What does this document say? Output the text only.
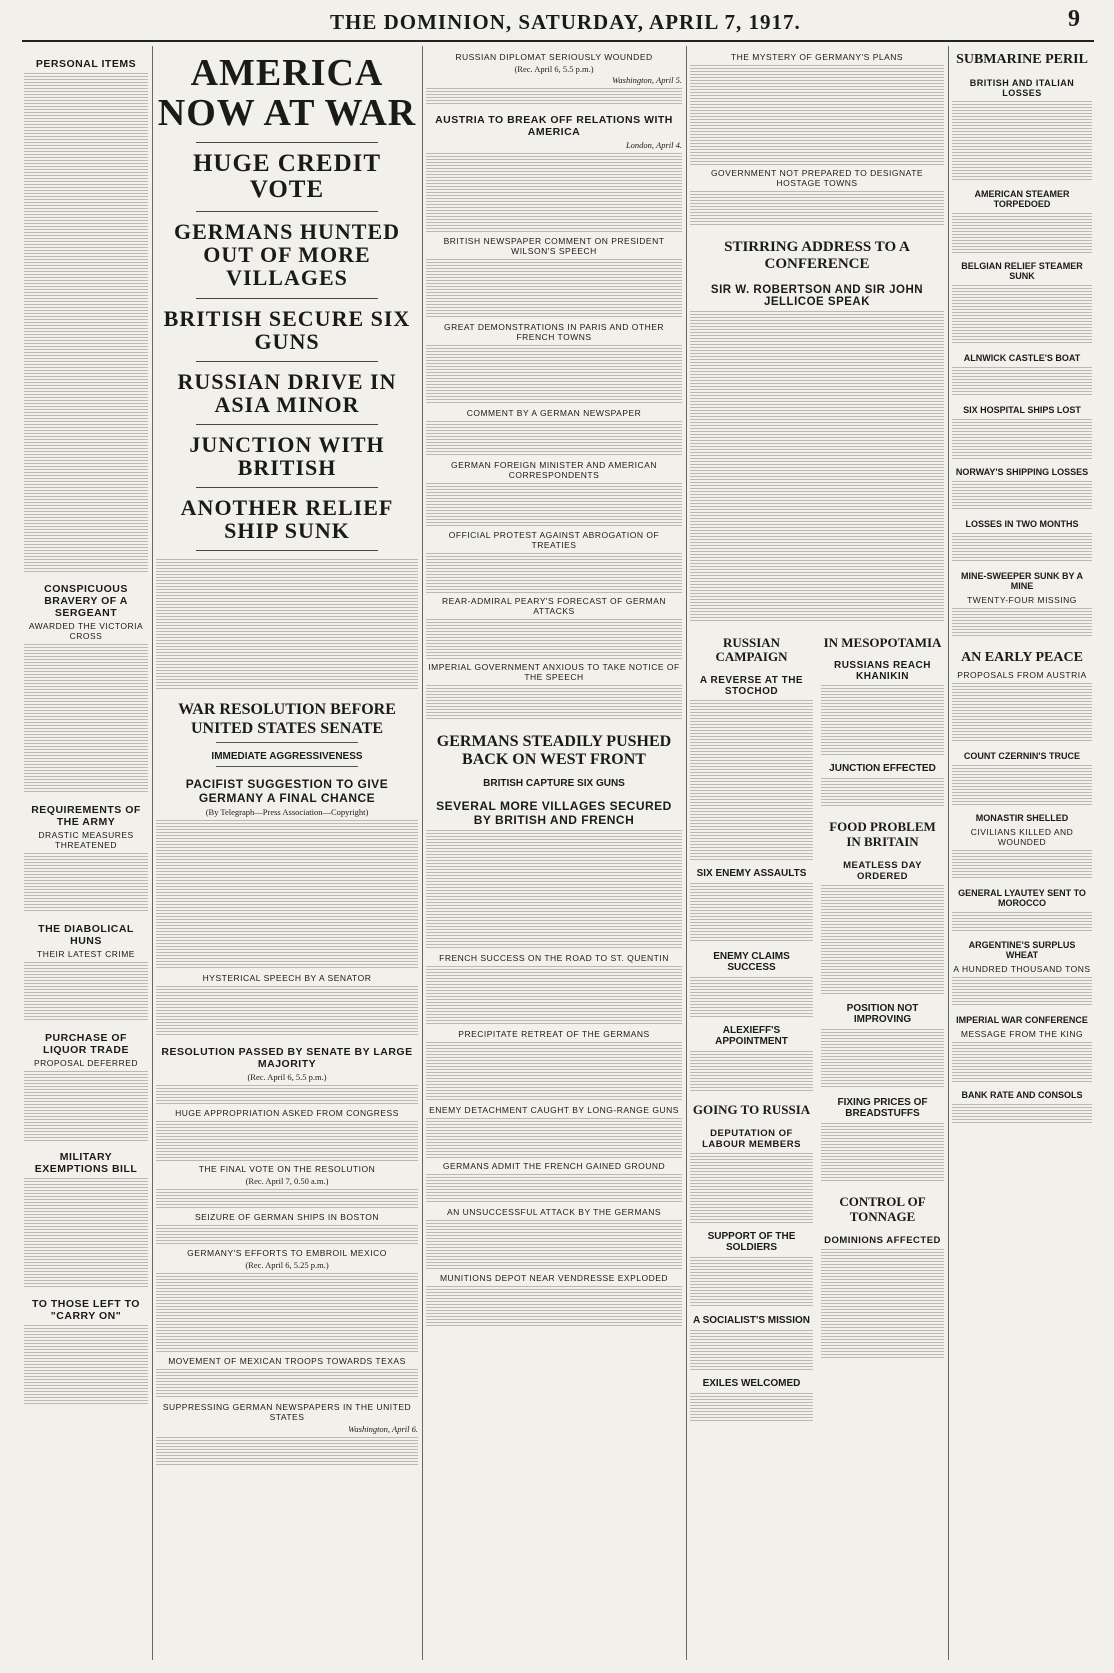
THE DOMINION, SATURDAY, APRIL 7, 1917.	9
PERSONAL ITEMS
CONSPICUOUS BRAVERY OF A SERGEANT
AWARDED THE VICTORIA CROSS
REQUIREMENTS OF THE ARMY
DRASTIC MEASURES THREATENED
THE DIABOLICAL HUNS
THEIR LATEST CRIME
PURCHASE OF LIQUOR TRADE
PROPOSAL DEFERRED
MILITARY EXEMPTIONS BILL
TO THOSE LEFT TO "CARRY ON"
AMERICA NOW AT WAR
HUGE CREDIT VOTE
GERMANS HUNTED OUT OF MORE VILLAGES
BRITISH SECURE SIX GUNS
RUSSIAN DRIVE IN ASIA MINOR
JUNCTION WITH BRITISH
ANOTHER RELIEF SHIP SUNK
WAR RESOLUTION BEFORE UNITED STATES SENATE
IMMEDIATE AGGRESSIVENESS
PACIFIST SUGGESTION TO GIVE GERMANY A FINAL CHANCE
(By Telegraph—Press Association—Copyright)
HYSTERICAL SPEECH BY A SENATOR
RESOLUTION PASSED BY SENATE BY LARGE MAJORITY
(Rec. April 6, 5.5 p.m.)
HUGE APPROPRIATION ASKED FROM CONGRESS
THE FINAL VOTE ON THE RESOLUTION
(Rec. April 7, 0.50 a.m.)
SEIZURE OF GERMAN SHIPS IN BOSTON
GERMANY'S EFFORTS TO EMBROIL MEXICO
(Rec. April 6, 5.25 p.m.)
MOVEMENT OF MEXICAN TROOPS TOWARDS TEXAS
SUPPRESSING GERMAN NEWSPAPERS IN THE UNITED STATES
Washington, April 6.
RUSSIAN DIPLOMAT SERIOUSLY WOUNDED
(Rec. April 6, 5.5 p.m.)
Washington, April 5.
AUSTRIA TO BREAK OFF RELATIONS WITH AMERICA
London, April 4.
BRITISH NEWSPAPER COMMENT ON PRESIDENT WILSON'S SPEECH
GREAT DEMONSTRATIONS IN PARIS AND OTHER FRENCH TOWNS
COMMENT BY A GERMAN NEWSPAPER
GERMAN FOREIGN MINISTER AND AMERICAN CORRESPONDENTS
OFFICIAL PROTEST AGAINST ABROGATION OF TREATIES
REAR-ADMIRAL PEARY'S FORECAST OF GERMAN ATTACKS
IMPERIAL GOVERNMENT ANXIOUS TO TAKE NOTICE OF THE SPEECH
GERMANS STEADILY PUSHED BACK ON WEST FRONT
BRITISH CAPTURE SIX GUNS
SEVERAL MORE VILLAGES SECURED BY BRITISH AND FRENCH
FRENCH SUCCESS ON THE ROAD TO ST. QUENTIN
PRECIPITATE RETREAT OF THE GERMANS
ENEMY DETACHMENT CAUGHT BY LONG-RANGE GUNS
GERMANS ADMIT THE FRENCH GAINED GROUND
AN UNSUCCESSFUL ATTACK BY THE GERMANS
MUNITIONS DEPOT NEAR VENDRESSE EXPLODED
THE MYSTERY OF GERMANY'S PLANS
GOVERNMENT NOT PREPARED TO DESIGNATE HOSTAGE TOWNS
STIRRING ADDRESS TO A CONFERENCE
SIR W. ROBERTSON AND SIR JOHN JELLICOE SPEAK
RUSSIAN CAMPAIGN
A REVERSE AT THE STOCHOD
SIX ENEMY ASSAULTS
ENEMY CLAIMS SUCCESS
ALEXIEFF'S APPOINTMENT
GOING TO RUSSIA
DEPUTATION OF LABOUR MEMBERS
SUPPORT OF THE SOLDIERS
A SOCIALIST'S MISSION
EXILES WELCOMED
IN MESOPOTAMIA
RUSSIANS REACH KHANIKIN
JUNCTION EFFECTED
FOOD PROBLEM IN BRITAIN
MEATLESS DAY ORDERED
POSITION NOT IMPROVING
FIXING PRICES OF BREADSTUFFS
CONTROL OF TONNAGE
DOMINIONS AFFECTED
SUBMARINE PERIL
BRITISH AND ITALIAN LOSSES
AMERICAN STEAMER TORPEDOED
BELGIAN RELIEF STEAMER SUNK
ALNWICK CASTLE'S BOAT
SIX HOSPITAL SHIPS LOST
NORWAY'S SHIPPING LOSSES
LOSSES IN TWO MONTHS
MINE-SWEEPER SUNK BY A MINE
TWENTY-FOUR MISSING
AN EARLY PEACE
PROPOSALS FROM AUSTRIA
COUNT CZERNIN'S TRUCE
MONASTIR SHELLED
CIVILIANS KILLED AND WOUNDED
GENERAL LYAUTEY SENT TO MOROCCO
ARGENTINE'S SURPLUS WHEAT
A HUNDRED THOUSAND TONS
IMPERIAL WAR CONFERENCE
MESSAGE FROM THE KING
BANK RATE AND CONSOLS
